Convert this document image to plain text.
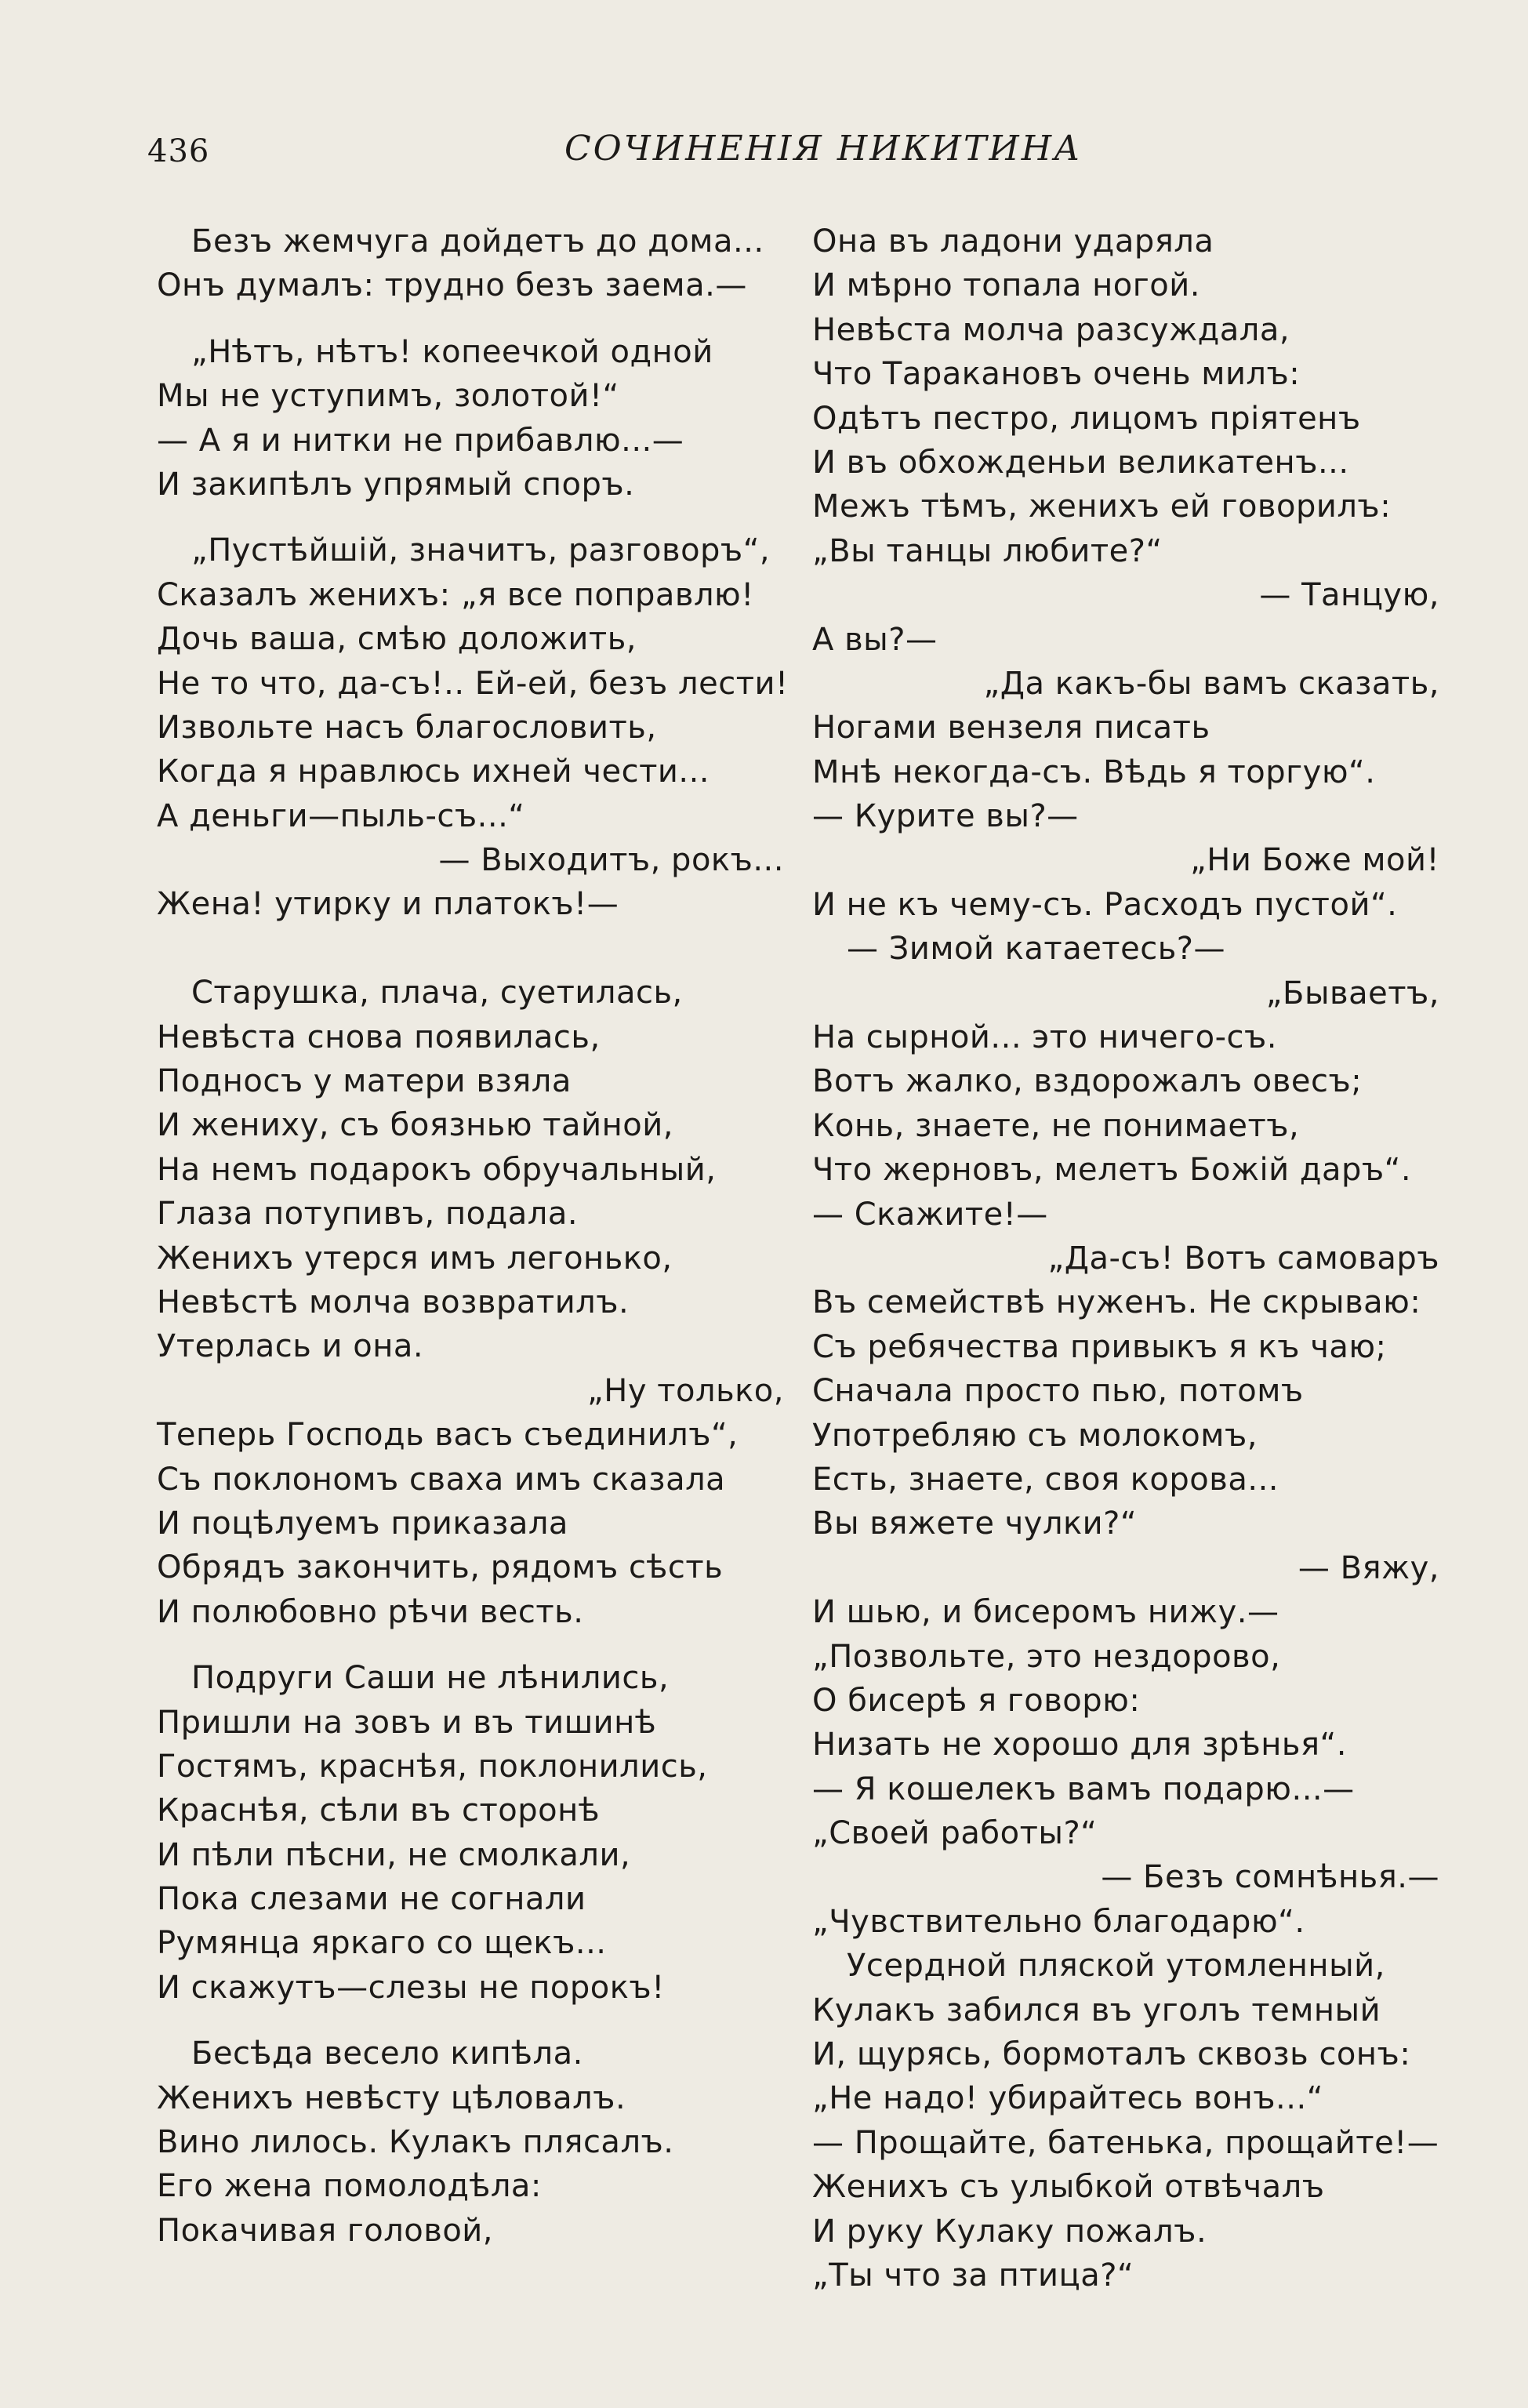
436	СОЧИНЕНІЯ НИКИТИНА
Безъ жемчуга дойдетъ до дома...
Онъ думалъ: трудно безъ заема.—
„Нѣтъ, нѣтъ! копеечкой одной
Мы не уступимъ, золотой!“
— А я и нитки не прибавлю...—
И закипѣлъ упрямый споръ.
„Пустѣйшій, значитъ, разговоръ“,
Сказалъ женихъ: „я все поправлю!
Дочь ваша, смѣю доложить,
Не то что, да-съ!.. Ей-ей, безъ лести!
Извольте насъ благословить,
Когда я нравлюсь ихней чести...
А деньги—пыль-съ...“
— Выходитъ, рокъ...
Жена! утирку и платокъ!—
Старушка, плача, суетилась,
Невѣста снова появилась,
Подносъ у матери взяла
И жениху, съ боязнью тайной,
На немъ подарокъ обручальный,
Глаза потупивъ, подала.
Женихъ утерся имъ легонько,
Невѣстѣ молча возвратилъ.
Утерлась и она.
„Ну только,
Теперь Господь васъ съединилъ“,
Съ поклономъ сваха имъ сказала
И поцѣлуемъ приказала
Обрядъ закончить, рядомъ сѣсть
И полюбовно рѣчи весть.
Подруги Саши не лѣнились,
Пришли на зовъ и въ тишинѣ
Гостямъ, краснѣя, поклонились,
Краснѣя, сѣли въ сторонѣ
И пѣли пѣсни, не смолкали,
Пока слезами не согнали
Румянца яркаго со щекъ...
И скажутъ—слезы не порокъ!
Бесѣда весело кипѣла.
Женихъ невѣсту цѣловалъ.
Вино лилось. Кулакъ плясалъ.
Его жена помолодѣла:
Покачивая головой,
Она въ ладони ударяла
И мѣрно топала ногой.
Невѣста молча разсуждала,
Что Таракановъ очень милъ:
Одѣтъ пестро, лицомъ пріятенъ
И въ обхожденьи великатенъ...
Межъ тѣмъ, женихъ ей говорилъ:
„Вы танцы любите?“
— Танцую,
А вы?—
„Да какъ-бы вамъ сказать,
Ногами вензеля писать
Мнѣ некогда-съ. Вѣдь я торгую“.
— Курите вы?—
„Ни Боже мой!
И не къ чему-съ. Расходъ пустой“.
— Зимой катаетесь?—
„Бываетъ,
На сырной... это ничего-съ.
Вотъ жалко, вздорожалъ овесъ;
Конь, знаете, не понимаетъ,
Что жерновъ, мелетъ Божій даръ“.
— Скажите!—
„Да-съ! Вотъ самоваръ
Въ семействѣ нуженъ. Не скрываю:
Съ ребячества привыкъ я къ чаю;
Сначала просто пью, потомъ
Употребляю съ молокомъ,
Есть, знаете, своя корова...
Вы вяжете чулки?“
— Вяжу,
И шью, и бисеромъ нижу.—
„Позвольте, это нездорово,
О бисерѣ я говорю:
Низать не хорошо для зрѣнья“.
— Я кошелекъ вамъ подарю...—
„Своей работы?“
— Безъ сомнѣнья.—
„Чувствительно благодарю“.
Усердной пляской утомленный,
Кулакъ забился въ уголъ темный
И, щурясь, бормоталъ сквозь сонъ:
„Не надо! убирайтесь вонъ...“
— Прощайте, батенька, прощайте!—
Женихъ съ улыбкой отвѣчалъ
И руку Кулаку пожалъ.
„Ты что за птица?“
